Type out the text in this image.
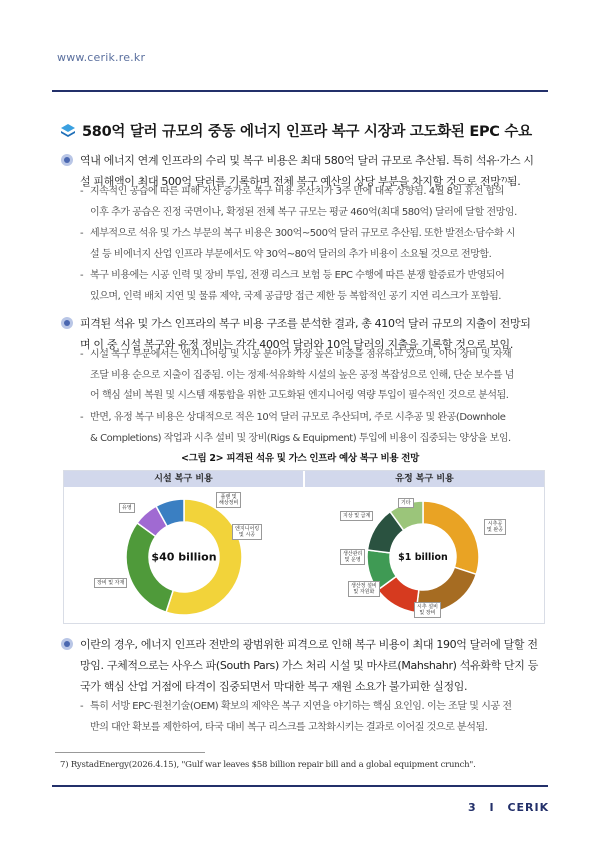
www.cerik.re.kr
580억 달러 규모의 중동 에너지 인프라 복구 시장과 고도화된 EPC 수요
역내 에너지 연계 인프라의 수리 및 복구 비용은 최대 580억 달러 규모로 추산됨. 특히 석유·가스 시
설 피해액이 최대 500억 달러를 기록하며 전체 복구 예산의 상당 부분을 차지할 것으로 전망⁷⁾됨.
- 지속적인 공습에 따른 피해 자산 증가로 복구 비용 추산치가 3주 만에 대폭 상향됨. 4월 8일 휴전 합의
이후 추가 공습은 진정 국면이나, 확정된 전체 복구 규모는 평균 460억(최대 580억) 달러에 달할 전망임.
- 세부적으로 석유 및 가스 부문의 복구 비용은 300억~500억 달러 규모로 추산됨. 또한 발전소·담수화 시
설 등 비에너지 산업 인프라 부문에서도 약 30억~80억 달러의 추가 비용이 소요될 것으로 전망함.
- 복구 비용에는 시공 인력 및 장비 투입, 전쟁 리스크 보험 등 EPC 수행에 따른 분쟁 할증료가 반영되어
있으며, 인력 배치 지연 및 물류 제약, 국제 공급망 접근 제한 등 복합적인 공기 지연 리스크가 포함됨.
피격된 석유 및 가스 인프라의 복구 비용 구조를 분석한 결과, 총 410억 달러 규모의 지출이 전망되
며 이 중 시설 복구와 유정 정비는 각각 400억 달러와 10억 달러의 지출을 기록할 것으로 보임.
- 시설 복구 부문에서는 엔지니어링 및 시공 분야가 가장 높은 비중을 점유하고 있으며, 이어 장비 및 자재
조달 비용 순으로 지출이 집중됨. 이는 정제·석유화학 시설의 높은 공정 복잡성으로 인해, 단순 보수를 넘
어 핵심 설비 복원 및 시스템 재통합을 위한 고도화된 엔지니어링 역량 투입이 필수적인 것으로 분석됨.
- 반면, 유정 복구 비용은 상대적으로 적은 10억 달러 규모로 추산되며, 주로 시추공 및 완공(Downhole
& Completions) 작업과 시추 설비 및 장비(Rigs & Equipment) 투입에 비용이 집중되는 양상을 보임.
<그림 2> 피격된 석유 및 가스 인프라 예상 복구 비용 전망
시설 복구 비용	유정 복구 비용
$40 billion	$1 billion
플랜 및
해상정비
유영
엔지니어링
및 시공
장비 및 자재
기타
지상 및 급계
시추공
및 완공
생산관리
및 운영
생산정 설비
및 자원화
시추 설비
및 장비
이란의 경우, 에너지 인프라 전반의 광범위한 피격으로 인해 복구 비용이 최대 190억 달러에 달할 전
망임. 구체적으로는 사우스 파(South Pars) 가스 처리 시설 및 마샤르(Mahshahr) 석유화학 단지 등
국가 핵심 산업 거점에 타격이 집중되면서 막대한 복구 재원 소요가 불가피한 실정임.
- 특히 서방 EPC·원천기술(OEM) 확보의 제약은 복구 지연을 야기하는 핵심 요인임. 이는 조달 및 시공 전
반의 대안 확보를 제한하여, 타국 대비 복구 리스크를 고착화시키는 결과로 이어질 것으로 분석됨.
7) RystadEnergy(2026.4.15), "Gulf war leaves $58 billion repair bill and a global equipment crunch".
3 I CERIK
